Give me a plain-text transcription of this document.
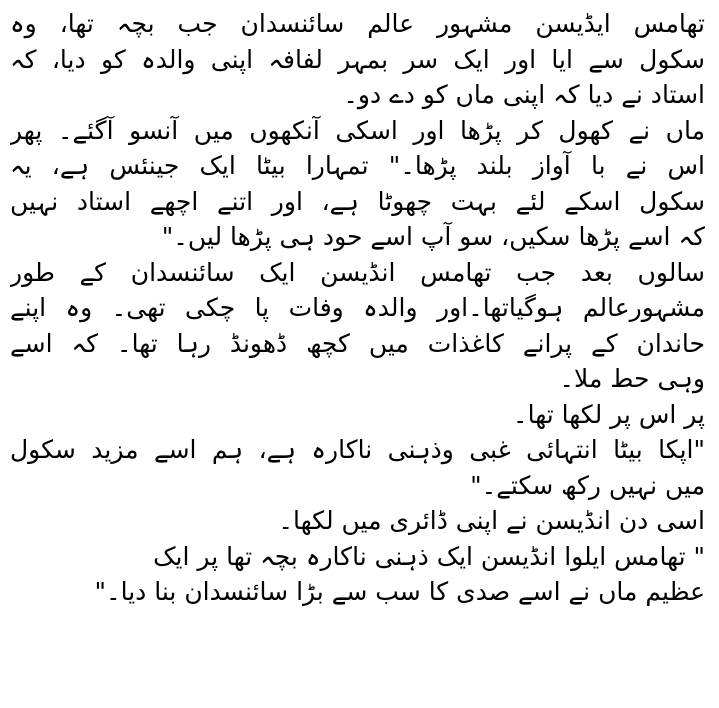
تھامس ایڈیسن مشہور عالم سائنسدان جب بچہ تھا، وہ
سکول سے ایا اور ایک سر بمہر لفافہ اپنی والدہ کو دیا، کہ
استاد نے دیا کہ اپنی ماں کو دے دو۔
ماں نے کھول کر پڑھا اور اسکی آنکھوں میں آنسو آگئے۔ پھر
اس نے با آواز بلند پڑھا۔" تمہارا بیٹا ایک جینئس ہے، یہ
سکول اسکے لئے بہت چھوٹا ہے، اور اتنے اچھے استاد نہیں
کہ اسے پڑھا سکیں، سو آپ اسے حود ہی پڑھا لیں۔"
سالوں بعد جب تھامس انڈیسن ایک سائنسدان کے طور
مشہورعالم ہوگیاتھا۔اور والدہ وفات پا چکی تھی۔ وہ اپنے
حاندان کے پرانے کاغذات میں کچھ ڈھونڈ رہا تھا۔ کہ اسے
وہی حط ملا۔
پر اس پر لکھا تھا۔
"اپکا بیٹا انتہائی غبی وذہنی ناکارہ ہے، ہم اسے مزید سکول
میں نہیں رکھ سکتے۔"
اسی دن انڈیسن نے اپنی ڈائری میں لکھا۔
" تھامس ایلوا انڈیسن ایک ذہنی ناکارہ بچہ تھا پر ایک
عظیم ماں نے اسے صدی کا سب سے بڑا سائنسدان بنا دیا۔"
